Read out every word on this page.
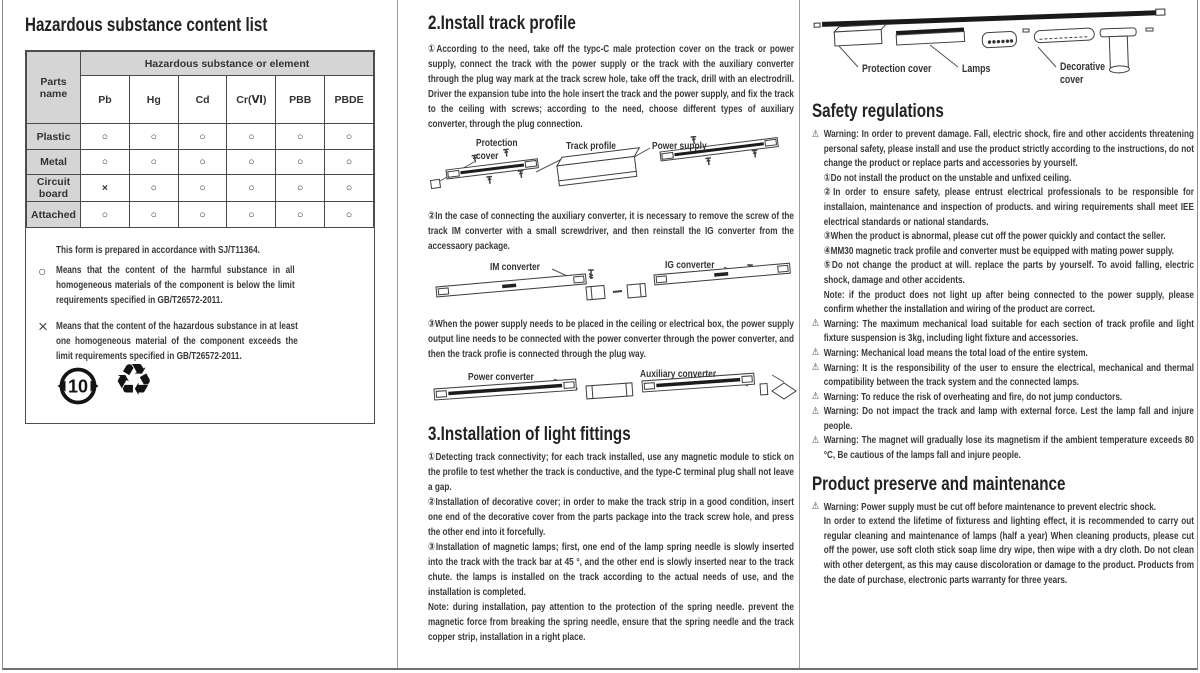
Hazardous substance content list
Parts name	Hazardous substance or element					
	Pb	Hg	Cd	Cr(Ⅵ)	PBB	PBDE
Plastic	○	○	○	○	○	○
Metal	○	○	○	○	○	○
Circuit board	×	○	○	○	○	○
Attached	○	○	○	○	○	○
This form is prepared in accordance with SJ/T11364.
○ Means that the content of the harmful substance in all homogeneous materials of the component is below the limit requirements specified in GB/T26572-2011.
× Means that the content of the hazardous substance in at least one homogeneous material of the component exceeds the limit requirements specified in GB/T26572-2011.
10 ♻
2.Install track profile
①According to the need, take off the typc-C male protection cover on the track or power supply, connect the track with the power supply or the track with the auxiliary converter through the plug way mark at the track screw hole, take off the track, drill with an electrodrill. Driver the expansion tube into the hole insert the track and the power supply, and fix the track to the ceiling with screws; according to the need, choose different types of auxiliary converter, through the plug connection.
Protection cover
Track profile	Power supply
②In the case of connecting the auxiliary converter, it is necessary to remove the screw of the track IM converter with a small screwdriver, and then reinstall the IG converter from the accessaory package.
IM converter	IG converter
③When the power supply needs to be placed in the ceiling or electrical box, the power supply output line needs to be connected with the power converter through the power converter, and then the track profie is connected through the plug way.
Power converter	Auxiliary converter
3.Installation of light fittings
①Detecting track connectivity; for each track installed, use any magnetic module to stick on the profile to test whether the track is conductive, and the type-C terminal plug shall not leave a gap.
②Installation of decorative cover; in order to make the track strip in a good condition, insert one end of the decorative cover from the parts package into the track screw hole, and press the other end into it forcefully.
③Installation of magnetic lamps; first, one end of the lamp spring needle is slowly inserted into the track with the track bar at 45 °, and the other end is slowly inserted near to the track chute. the lamps is installed on the track according to the actual needs of use, and the installation is completed.
Note: during installation, pay attention to the protection of the spring needle. prevent the magnetic force from breaking the spring needle, ensure that the spring needle and the track copper strip, installation in a right place.
Protection cover	Lamps	Decorative cover
Safety regulations
⚠ Warning: In order to prevent damage. Fall, electric shock, fire and other accidents threatening personal safety, please install and use the product strictly according to the instructions, do not change the product or replace parts and accessories by yourself.
①Do not install the product on the unstable and unfixed ceiling.
②In order to ensure safety, please entrust electrical professionals to be responsible for installaion, maintenance and inspection of products. and wiring requirements shall meet IEE electrical standards or national standards.
③When the product is abnormal, please cut off the power quickly and contact the seller.
④MM30 magnetic track profile and converter must be equipped with mating power supply.
⑤Do not change the product at will. replace the parts by yourself. To avoid falling, electric shock, damage and other accidents.
Note: if the product does not light up after being connected to the power supply, please confirm whether the installation and wiring of the product are correct.
⚠ Warning: The maximum mechanical load suitable for each section of track profile and light fixture suspension is 3kg, including light fixture and accessories.
⚠ Warning: Mechanical load means the total load of the entire system.
⚠ Warning: It is the responsibility of the user to ensure the electrical, mechanical and thermal compatibility between the track system and the connected lamps.
⚠ Warning: To reduce the risk of overheating and fire, do not jump conductors.
⚠ Warning: Do not impact the track and lamp with external force. Lest the lamp fall and injure people.
⚠ Warning: The magnet will gradually lose its magnetism if the ambient temperature exceeds 80 °C, Be cautious of the lamps fall and injure people.
Product preserve and maintenance
⚠ Warning: Power supply must be cut off before maintenance to prevent electric shock.
In order to extend the lifetime of fixturess and lighting effect, it is recommended to carry out regular cleaning and maintenance of lamps (half a year) When cleaning products, please cut off the power, use soft cloth stick soap lime dry wipe, then wipe with a dry cloth. Do not clean with other detergent, as this may cause discoloration or damage to the product. Products from the date of purchase, electronic parts warranty for three years.
